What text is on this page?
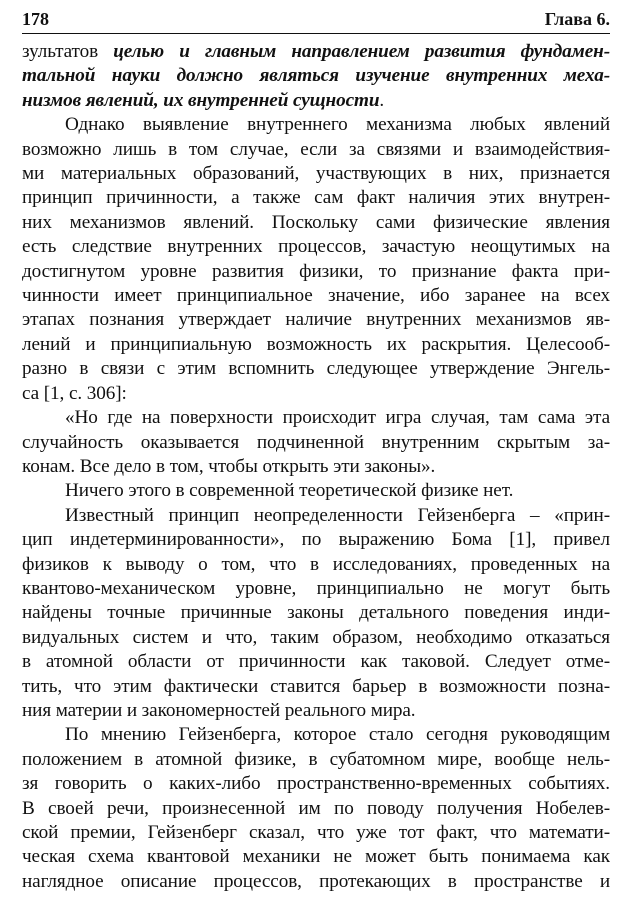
178	Глава 6.
зультатов целью и главным направлением развития фундамен-
тальной науки должно являться изучение внутренних меха-
низмов явлений, их внутренней сущности.
Однако выявление внутреннего механизма любых явлений
возможно лишь в том случае, если за связями и взаимодействия-
ми материальных образований, участвующих в них, признается
принцип причинности, а также сам факт наличия этих внутрен-
них механизмов явлений. Поскольку сами физические явления
есть следствие внутренних процессов, зачастую неощутимых на
достигнутом уровне развития физики, то признание факта при-
чинности имеет принципиальное значение, ибо заранее на всех
этапах познания утверждает наличие внутренних механизмов яв-
лений и принципиальную возможность их раскрытия. Целесооб-
разно в связи с этим вспомнить следующее утверждение Энгель-
са [1, с. 306]:
«Но где на поверхности происходит игра случая, там сама эта
случайность оказывается подчиненной внутренним скрытым за-
конам. Все дело в том, чтобы открыть эти законы».
Ничего этого в современной теоретической физике нет.
Известный принцип неопределенности Гейзенберга – «прин-
цип индетерминированности», по выражению Бома [1], привел
физиков к выводу о том, что в исследованиях, проведенных на
квантово-механическом уровне, принципиально не могут быть
найдены точные причинные законы детального поведения инди-
видуальных систем и что, таким образом, необходимо отказаться
в атомной области от причинности как таковой. Следует отме-
тить, что этим фактически ставится барьер в возможности позна-
ния материи и закономерностей реального мира.
По мнению Гейзенберга, которое стало сегодня руководящим
положением в атомной физике, в субатомном мире, вообще нель-
зя говорить о каких-либо пространственно-временных событиях.
В своей речи, произнесенной им по поводу получения Нобелев-
ской премии, Гейзенберг сказал, что уже тот факт, что математи-
ческая схема квантовой механики не может быть понимаема как
наглядное описание процессов, протекающих в пространстве и
